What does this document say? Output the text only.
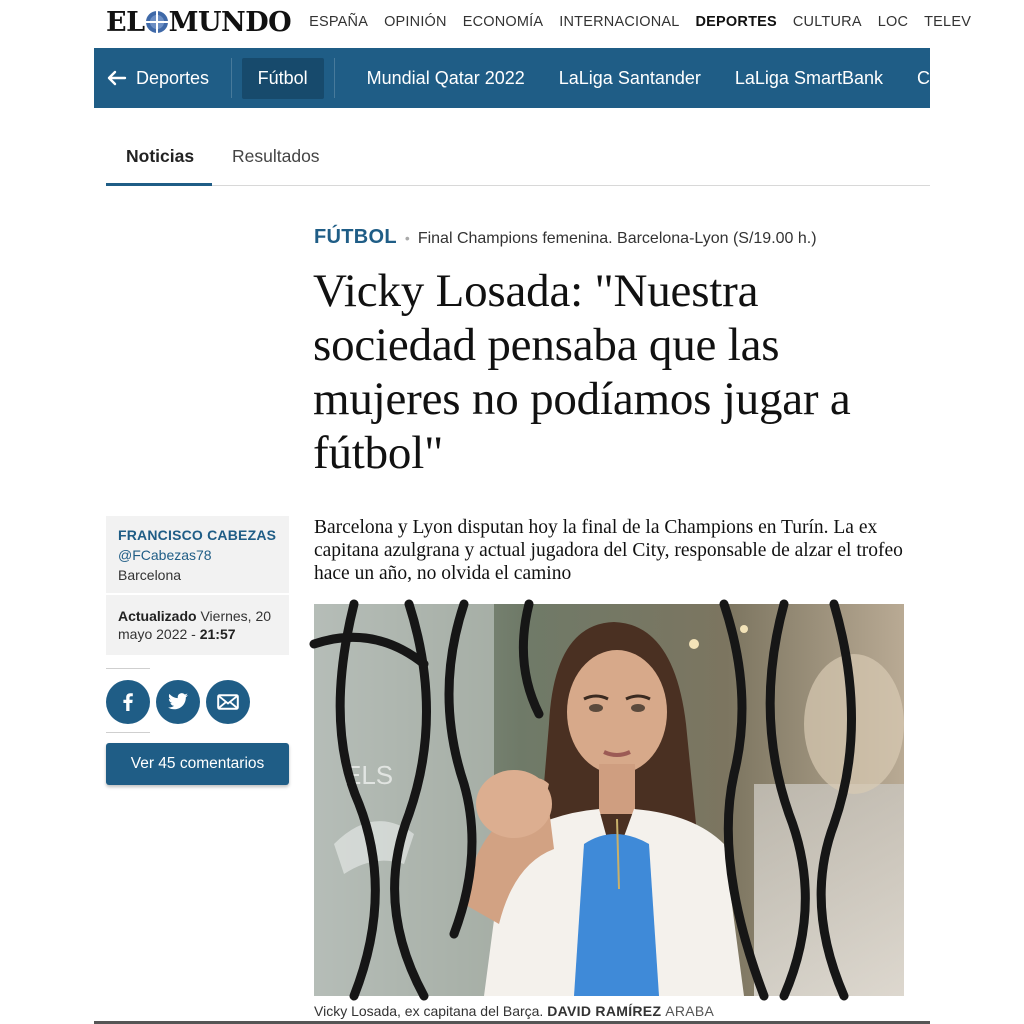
EL MUNDO ESPAÑA OPINIÓN ECONOMÍA INTERNACIONAL DEPORTES CULTURA LOC TELEV
Deportes	Fútbol	Mundial Qatar 2022 LaLiga Santander LaLiga SmartBank C
Noticias Resultados
FÚTBOL • Final Champions femenina. Barcelona-Lyon (S/19.00 h.)
Vicky Losada: "Nuestra sociedad pensaba que las mujeres no podíamos jugar a fútbol"
FRANCISCO CABEZAS
@FCabezas78
Barcelona
Actualizado Viernes, 20 mayo 2022 - 21:57
Ver 45 comentarios

Barcelona y Lyon disputan hoy la final de la Champions en Turín. La ex capitana azulgrana y actual jugadora del City, responsable de alzar el trofeo hace un año, no olvida el camino

ELS
Vicky Losada, ex capitana del Barça. DAVID RAMÍREZ ARABA
